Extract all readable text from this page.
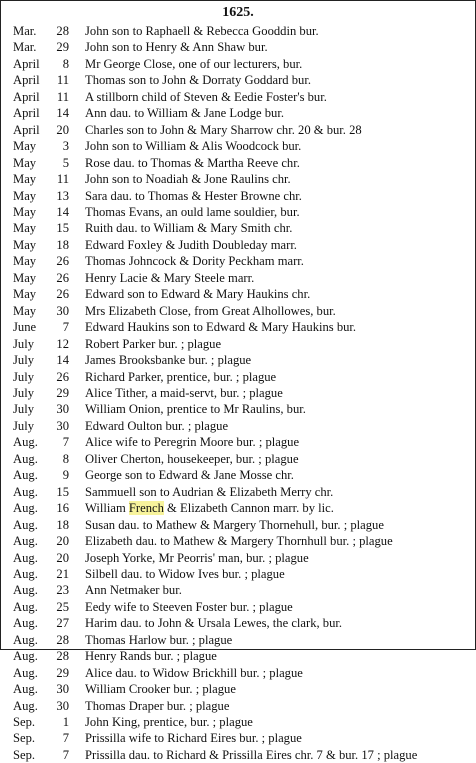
1625.
Mar.	28	John son to Raphaell & Rebecca Gooddin bur.
Mar.	29	John son to Henry & Ann Shaw bur.
April	8	Mr George Close, one of our lecturers, bur.
April	11	Thomas son to John & Dorraty Goddard bur.
April	11	A stillborn child of Steven & Eedie Foster's bur.
April	14	Ann dau. to William & Jane Lodge bur.
April	20	Charles son to John & Mary Sharrow chr. 20 & bur. 28
May	3	John son to William & Alis Woodcock bur.
May	5	Rose dau. to Thomas & Martha Reeve chr.
May	11	John son to Noadiah & Jone Raulins chr.
May	13	Sara dau. to Thomas & Hester Browne chr.
May	14	Thomas Evans, an ould lame souldier, bur.
May	15	Ruith dau. to William & Mary Smith chr.
May	18	Edward Foxley & Judith Doubleday marr.
May	26	Thomas Johncock & Dority Peckham marr.
May	26	Henry Lacie & Mary Steele marr.
May	26	Edward son to Edward & Mary Haukins chr.
May	30	Mrs Elizabeth Close, from Great Alhollowes, bur.
June	7	Edward Haukins son to Edward & Mary Haukins bur.
July	12	Robert Parker bur. ; plague
July	14	James Brooksbanke bur. ; plague
July	26	Richard Parker, prentice, bur. ; plague
July	29	Alice Tither, a maid-servt, bur. ; plague
July	30	William Onion, prentice to Mr Raulins, bur.
July	30	Edward Oulton bur. ; plague
Aug.	7	Alice wife to Peregrin Moore bur. ; plague
Aug.	8	Oliver Cherton, housekeeper, bur. ; plague
Aug.	9	George son to Edward & Jane Mosse chr.
Aug.	15	Sammuell son to Audrian & Elizabeth Merry chr.
Aug.	16	William French & Elizabeth Cannon marr. by lic.
Aug.	18	Susan dau. to Mathew & Margery Thornehull, bur. ; plague
Aug.	20	Elizabeth dau. to Mathew & Margery Thornhull bur. ; plague
Aug.	20	Joseph Yorke, Mr Peorris' man, bur. ; plague
Aug.	21	Silbell dau. to Widow Ives bur. ; plague
Aug.	23	Ann Netmaker bur.
Aug.	25	Eedy wife to Steeven Foster bur. ; plague
Aug.	27	Harim dau. to John & Ursala Lewes, the clark, bur.
Aug.	28	Thomas Harlow bur. ; plague
Aug.	28	Henry Rands bur. ; plague
Aug.	29	Alice dau. to Widow Brickhill bur. ; plague
Aug.	30	William Crooker bur. ; plague
Aug.	30	Thomas Draper bur. ; plague
Sep.	1	John King, prentice, bur. ; plague
Sep.	7	Prissilla wife to Richard Eires bur. ; plague
Sep.	7	Prissilla dau. to Richard & Prissilla Eires chr. 7 & bur. 17 ; plague
